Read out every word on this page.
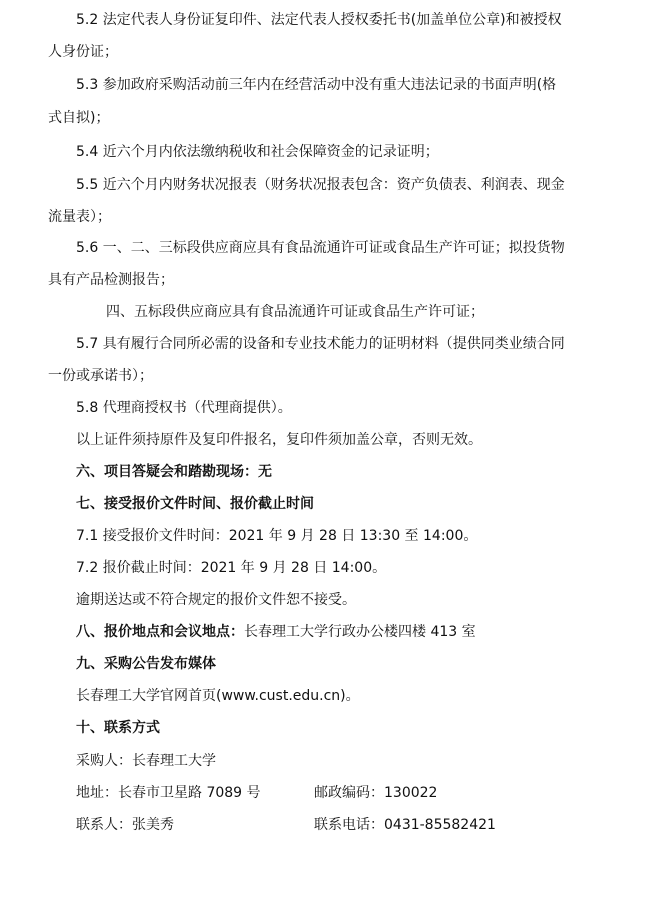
5.2 法定代表人身份证复印件、法定代表人授权委托书(加盖单位公章)和被授权
人身份证；
5.3 参加政府采购活动前三年内在经营活动中没有重大违法记录的书面声明(格
式自拟)；
5.4 近六个月内依法缴纳税收和社会保障资金的记录证明；
5.5 近六个月内财务状况报表（财务状况报表包含：资产负债表、利润表、现金
流量表）；
5.6 一、二、三标段供应商应具有食品流通许可证或食品生产许可证；拟投货物
具有产品检测报告；
四、五标段供应商应具有食品流通许可证或食品生产许可证；
5.7 具有履行合同所必需的设备和专业技术能力的证明材料（提供同类业绩合同
一份或承诺书）；
5.8 代理商授权书（代理商提供）。
以上证件须持原件及复印件报名，复印件须加盖公章，否则无效。
六、项目答疑会和踏勘现场：无
七、接受报价文件时间、报价截止时间
7.1 接受报价文件时间：2021 年 9 月 28 日 13:30 至 14:00。
7.2 报价截止时间：2021 年 9 月 28 日 14:00。
逾期送达或不符合规定的报价文件恕不接受。
八、报价地点和会议地点：长春理工大学行政办公楼四楼 413 室
九、采购公告发布媒体
长春理工大学官网首页(www.cust.edu.cn)。
十、联系方式
采购人：长春理工大学
地址：长春市卫星路 7089 号	邮政编码：130022
联系人：张美秀	联系电话：0431-85582421
